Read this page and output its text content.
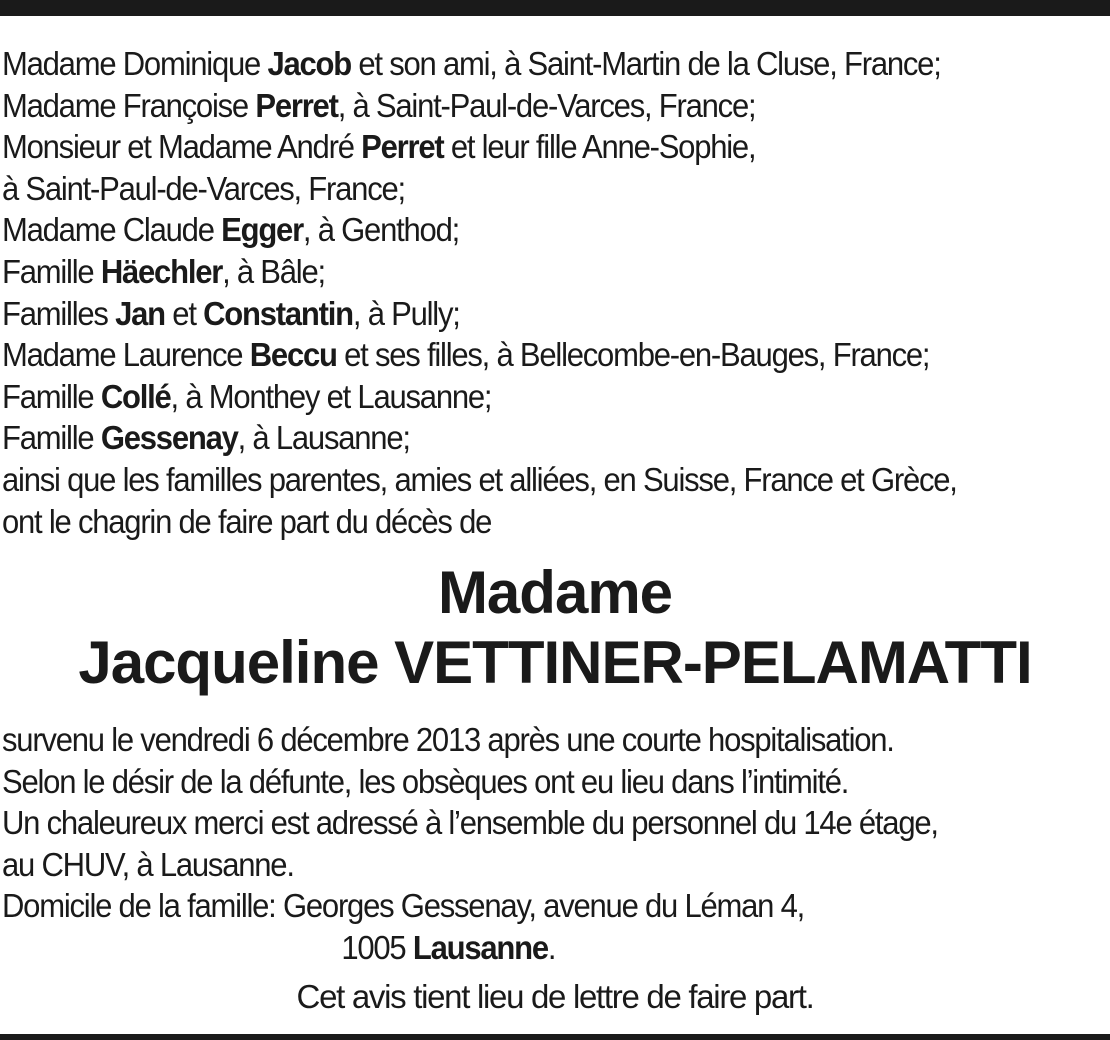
Madame Dominique Jacob et son ami, à Saint-Martin de la Cluse, France;
Madame Françoise Perret, à Saint-Paul-de-Varces, France;
Monsieur et Madame André Perret et leur fille Anne-Sophie,
à Saint-Paul-de-Varces, France;
Madame Claude Egger, à Genthod;
Famille Häechler, à Bâle;
Familles Jan et Constantin, à Pully;
Madame Laurence Beccu et ses filles, à Bellecombe-en-Bauges, France;
Famille Collé, à Monthey et Lausanne;
Famille Gessenay, à Lausanne;
ainsi que les familles parentes, amies et alliées, en Suisse, France et Grèce,
ont le chagrin de faire part du décès de
Madame
Jacqueline VETTINER-PELAMATTI
survenu le vendredi 6 décembre 2013 après une courte hospitalisation.
Selon le désir de la défunte, les obsèques ont eu lieu dans l’intimité.
Un chaleureux merci est adressé à l’ensemble du personnel du 14e étage,
au CHUV, à Lausanne.
Domicile de la famille: Georges Gessenay, avenue du Léman 4,
1005 Lausanne.
Cet avis tient lieu de lettre de faire part.
